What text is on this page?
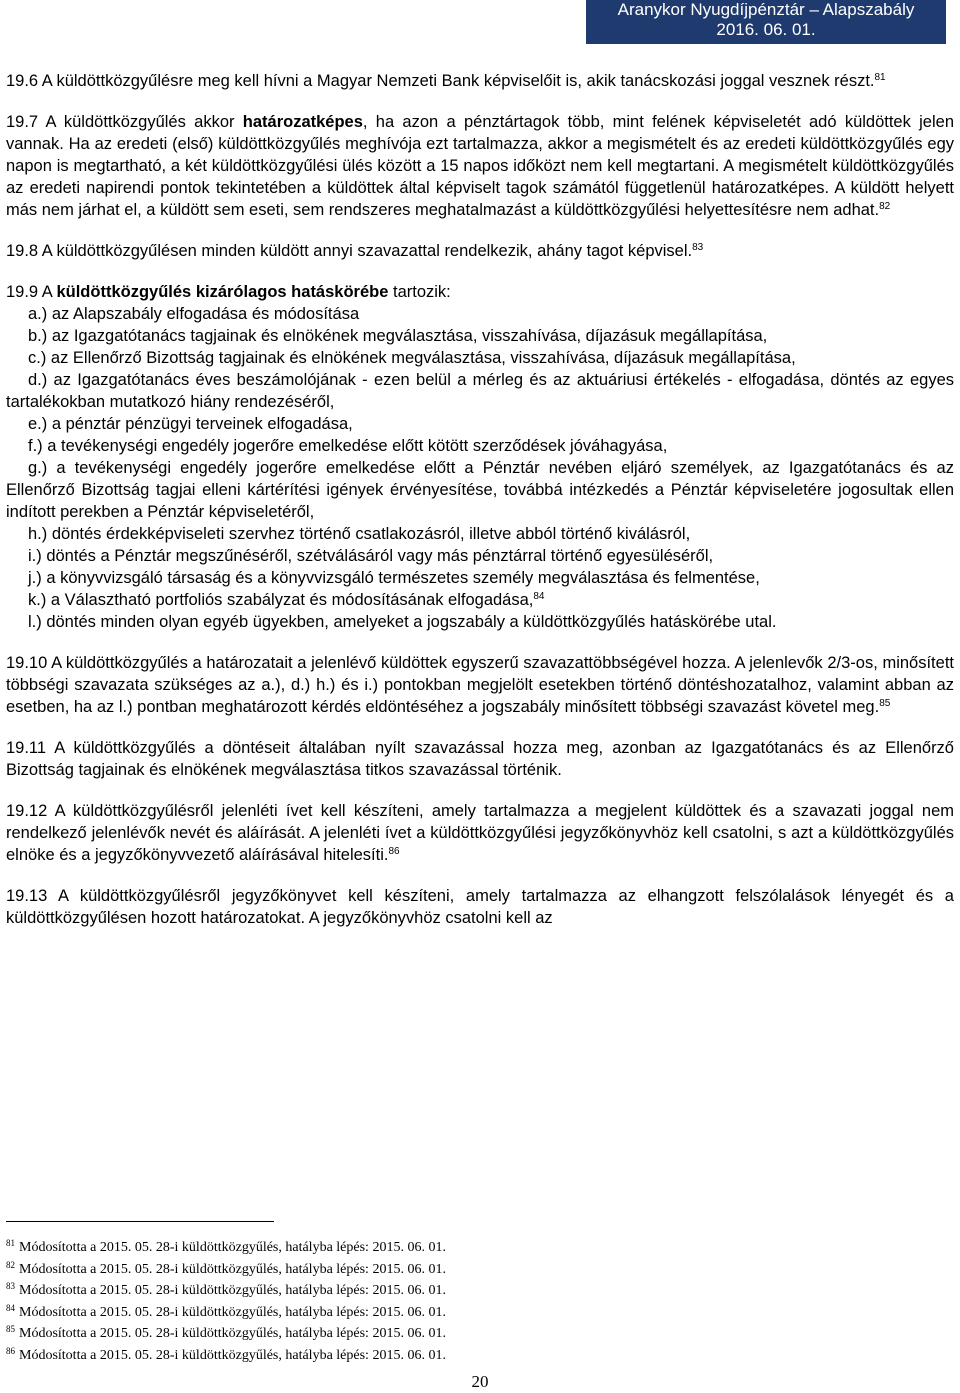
Aranykor Nyugdíjpénztár – Alapszabály
2016. 06. 01.

19.6 A küldöttközgyűlésre meg kell hívni a Magyar Nemzeti Bank képviselőit is, akik tanácskozási joggal vesznek részt.$^{81}$

19.7 A küldöttközgyűlés akkor határozatképes, ha azon a pénztártagok több, mint felének képviseletét adó küldöttek jelen vannak. Ha az eredeti (első) küldöttközgyűlés meghívója ezt tartalmazza, akkor a megismételt és az eredeti küldöttközgyűlés egy napon is megtartható, a két küldöttközgyűlési ülés között a 15 napos időközt nem kell megtartani. A megismételt küldöttközgyűlés az eredeti napirendi pontok tekintetében a küldöttek által képviselt tagok számától függetlenül határozatképes. A küldött helyett más nem járhat el, a küldött sem eseti, sem rendszeres meghatalmazást a küldöttközgyűlési helyettesítésre nem adhat.$^{82}$

19.8 A küldöttközgyűlésen minden küldött annyi szavazattal rendelkezik, ahány tagot képvisel.$^{83}$

19.9 A küldöttközgyűlés kizárólagos hatáskörébe tartozik:

a.) az Alapszabály elfogadása és módosítása

b.) az Igazgatótanács tagjainak és elnökének megválasztása, visszahívása, díjazásuk megállapítása,

c.) az Ellenőrző Bizottság tagjainak és elnökének megválasztása, visszahívása, díjazásuk megállapítása,

d.) az Igazgatótanács éves beszámolójának - ezen belül a mérleg és az aktuáriusi értékelés - elfogadása, döntés az egyes tartalékokban mutatkozó hiány rendezéséről,

e.) a pénztár pénzügyi terveinek elfogadása,

f.) a tevékenységi engedély jogerőre emelkedése előtt kötött szerződések jóváhagyása,

g.) a tevékenységi engedély jogerőre emelkedése előtt a Pénztár nevében eljáró személyek, az Igazgatótanács és az Ellenőrző Bizottság tagjai elleni kártérítési igények érvényesítése, továbbá intézkedés a Pénztár képviseletére jogosultak ellen indított perekben a Pénztár képviseletéről,

h.) döntés érdekképviseleti szervhez történő csatlakozásról, illetve abból történő kiválásról,

i.) döntés a Pénztár megszűnéséről, szétválásáról vagy más pénztárral történő egyesüléséről,

j.) a könyvvizsgáló társaság és a könyvvizsgáló természetes személy megválasztása és felmentése,

k.) a Választható portfoliós szabályzat és módosításának elfogadása,$^{84}$

l.) döntés minden olyan egyéb ügyekben, amelyeket a jogszabály a küldöttközgyűlés hatáskörébe utal.

19.10 A küldöttközgyűlés a határozatait a jelenlévő küldöttek egyszerű szavazattöbbségével hozza. A jelenlevők 2/3-os, minősített többségi szavazata szükséges az a.), d.) h.) és i.) pontokban megjelölt esetekben történő döntéshozatalhoz, valamint abban az esetben, ha az l.) pontban meghatározott kérdés eldöntéséhez a jogszabály minősített többségi szavazást követel meg.$^{85}$

19.11 A küldöttközgyűlés a döntéseit általában nyílt szavazással hozza meg, azonban az Igazgatótanács és az Ellenőrző Bizottság tagjainak és elnökének megválasztása titkos szavazással történik.

19.12 A küldöttközgyűlésről jelenléti ívet kell készíteni, amely tartalmazza a megjelent küldöttek és a szavazati joggal nem rendelkező jelenlévők nevét és aláírását. A jelenléti ívet a küldöttközgyűlési jegyzőkönyvhöz kell csatolni, s azt a küldöttközgyűlés elnöke és a jegyzőkönyvvezető aláírásával hitelesíti.$^{86}$

19.13 A küldöttközgyűlésről jegyzőkönyvet kell készíteni, amely tartalmazza az elhangzott felszólalások lényegét és a küldöttközgyűlésen hozott határozatokat. A jegyzőkönyvhöz csatolni kell az

$^{81}$ Módosította a 2015. 05. 28-i küldöttközgyűlés, hatályba lépés: 2015. 06. 01.
$^{82}$ Módosította a 2015. 05. 28-i küldöttközgyűlés, hatályba lépés: 2015. 06. 01.
$^{83}$ Módosította a 2015. 05. 28-i küldöttközgyűlés, hatályba lépés: 2015. 06. 01.
$^{84}$ Módosította a 2015. 05. 28-i küldöttközgyűlés, hatályba lépés: 2015. 06. 01.
$^{85}$ Módosította a 2015. 05. 28-i küldöttközgyűlés, hatályba lépés: 2015. 06. 01.
$^{86}$ Módosította a 2015. 05. 28-i küldöttközgyűlés, hatályba lépés: 2015. 06. 01.
20
